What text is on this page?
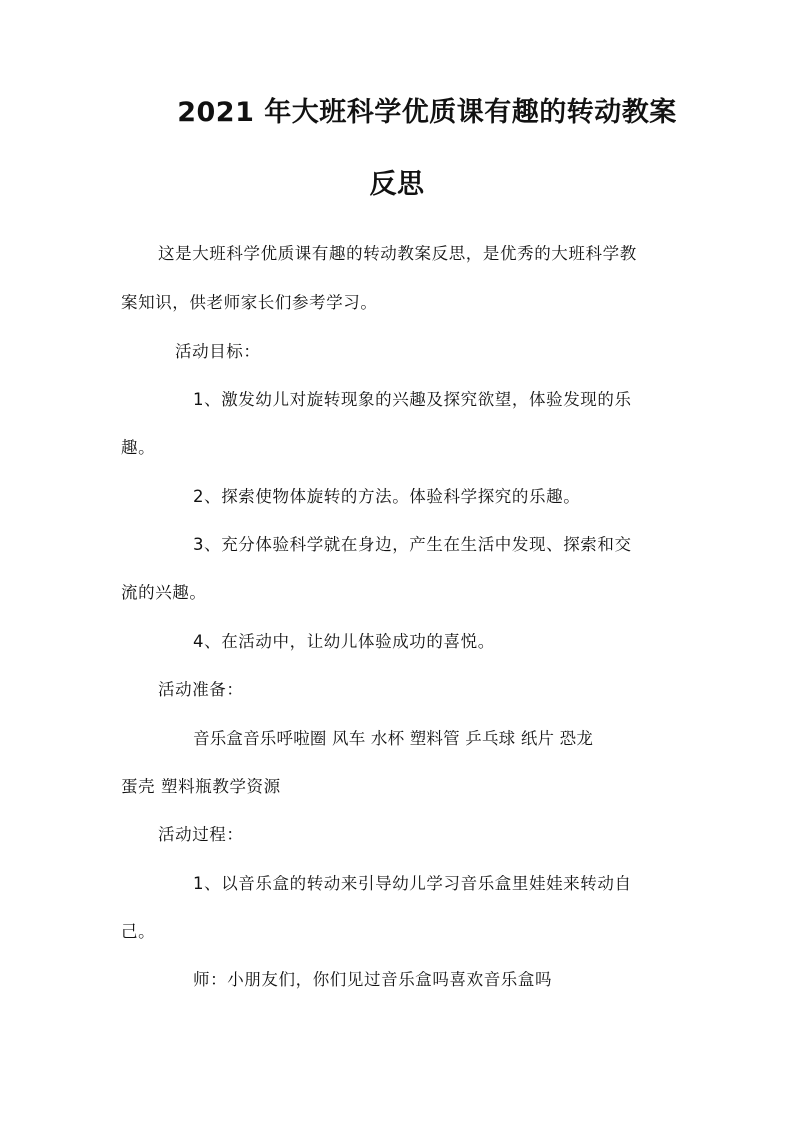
2021 年大班科学优质课有趣的转动教案
反思
这是大班科学优质课有趣的转动教案反思，是优秀的大班科学教
案知识，供老师家长们参考学习。
活动目标：
1、激发幼儿对旋转现象的兴趣及探究欲望，体验发现的乐
趣。
2、探索使物体旋转的方法。体验科学探究的乐趣。
3、充分体验科学就在身边，产生在生活中发现、探索和交
流的兴趣。
4、在活动中，让幼儿体验成功的喜悦。
活动准备：
音乐盒音乐呼啦圈 风车 水杯 塑料管 乒乓球 纸片 恐龙
蛋壳 塑料瓶教学资源
活动过程：
1、以音乐盒的转动来引导幼儿学习音乐盒里娃娃来转动自
己。
师：小朋友们，你们见过音乐盒吗喜欢音乐盒吗
